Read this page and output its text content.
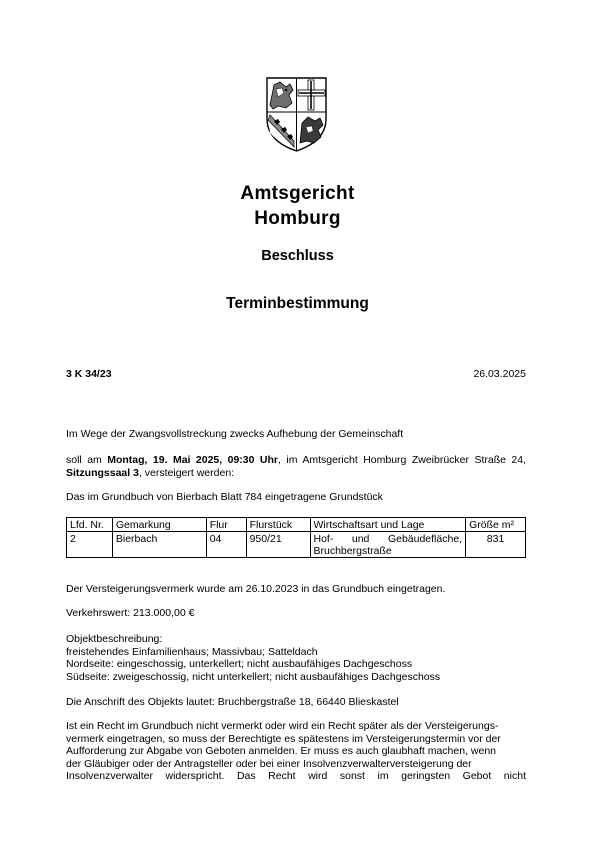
Amtsgericht
Homburg
Beschluss
Terminbestimmung
3 K 34/23	26.03.2025
Im Wege der Zwangsvollstreckung zwecks Aufhebung der Gemeinschaft
soll am Montag, 19. Mai 2025, 09:30 Uhr, im Amtsgericht Homburg Zweibrücker Straße 24, Sitzungssaal 3, versteigert werden:
Das im Grundbuch von Bierbach Blatt 784 eingetragene Grundstück
Lfd. Nr.	Gemarkung	Flur	Flurstück	Wirtschaftsart und Lage	Größe m²
2	Bierbach	04	950/21	Hof- und Gebäudefläche, Bruchbergstraße	831
Der Versteigerungsvermerk wurde am 26.10.2023 in das Grundbuch eingetragen.
Verkehrswert: 213.000,00 €
Objektbeschreibung:
freistehendes Einfamilienhaus; Massivbau; Satteldach
Nordseite: eingeschossig, unterkellert; nicht ausbaufähiges Dachgeschoss
Südseite: zweigeschossig, nicht unterkellert; nicht ausbaufähiges Dachgeschoss
Die Anschrift des Objekts lautet: Bruchbergstraße 18, 66440 Blieskastel
Ist ein Recht im Grundbuch nicht vermerkt oder wird ein Recht später als der Versteigerungs-
vermerk eingetragen, so muss der Berechtigte es spätestens im Versteigerungstermin vor der
Aufforderung zur Abgabe von Geboten anmelden. Er muss es auch glaubhaft machen, wenn
der Gläubiger oder der Antragsteller oder bei einer Insolvenzverwalterversteigerung der
Insolvenzverwalter widerspricht. Das Recht wird sonst im geringsten Gebot nicht
